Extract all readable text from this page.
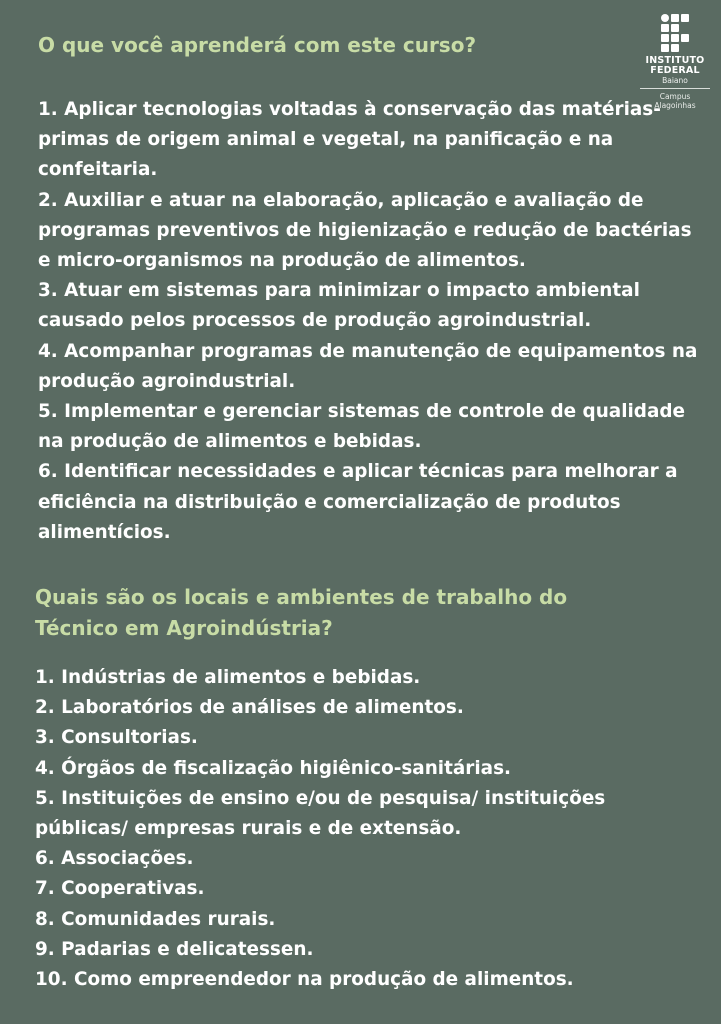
INSTITUTO
FEDERAL
Baiano
Campus
Alagoinhas
O que você aprenderá com este curso?
1. Aplicar tecnologias voltadas à conservação das matérias-primas de origem animal e vegetal, na panificação e na confeitaria.
2. Auxiliar e atuar na elaboração, aplicação e avaliação de programas preventivos de higienização e redução de bactérias e micro-organismos na produção de alimentos.
3. Atuar em sistemas para minimizar o impacto ambiental causado pelos processos de produção agroindustrial.
4. Acompanhar programas de manutenção de equipamentos na produção agroindustrial.
5. Implementar e gerenciar sistemas de controle de qualidade na produção de alimentos e bebidas.
6. Identificar necessidades e aplicar técnicas para melhorar a eficiência na distribuição e comercialização de produtos alimentícios.
Quais são os locais e ambientes de trabalho do Técnico em Agroindústria?
1. Indústrias de alimentos e bebidas.
2. Laboratórios de análises de alimentos.
3. Consultorias.
4. Órgãos de fiscalização higiênico-sanitárias.
5. Instituições de ensino e/ou de pesquisa/ instituições públicas/ empresas rurais e de extensão.
6. Associações.
7. Cooperativas.
8. Comunidades rurais.
9. Padarias e delicatessen.
10. Como empreendedor na produção de alimentos.
